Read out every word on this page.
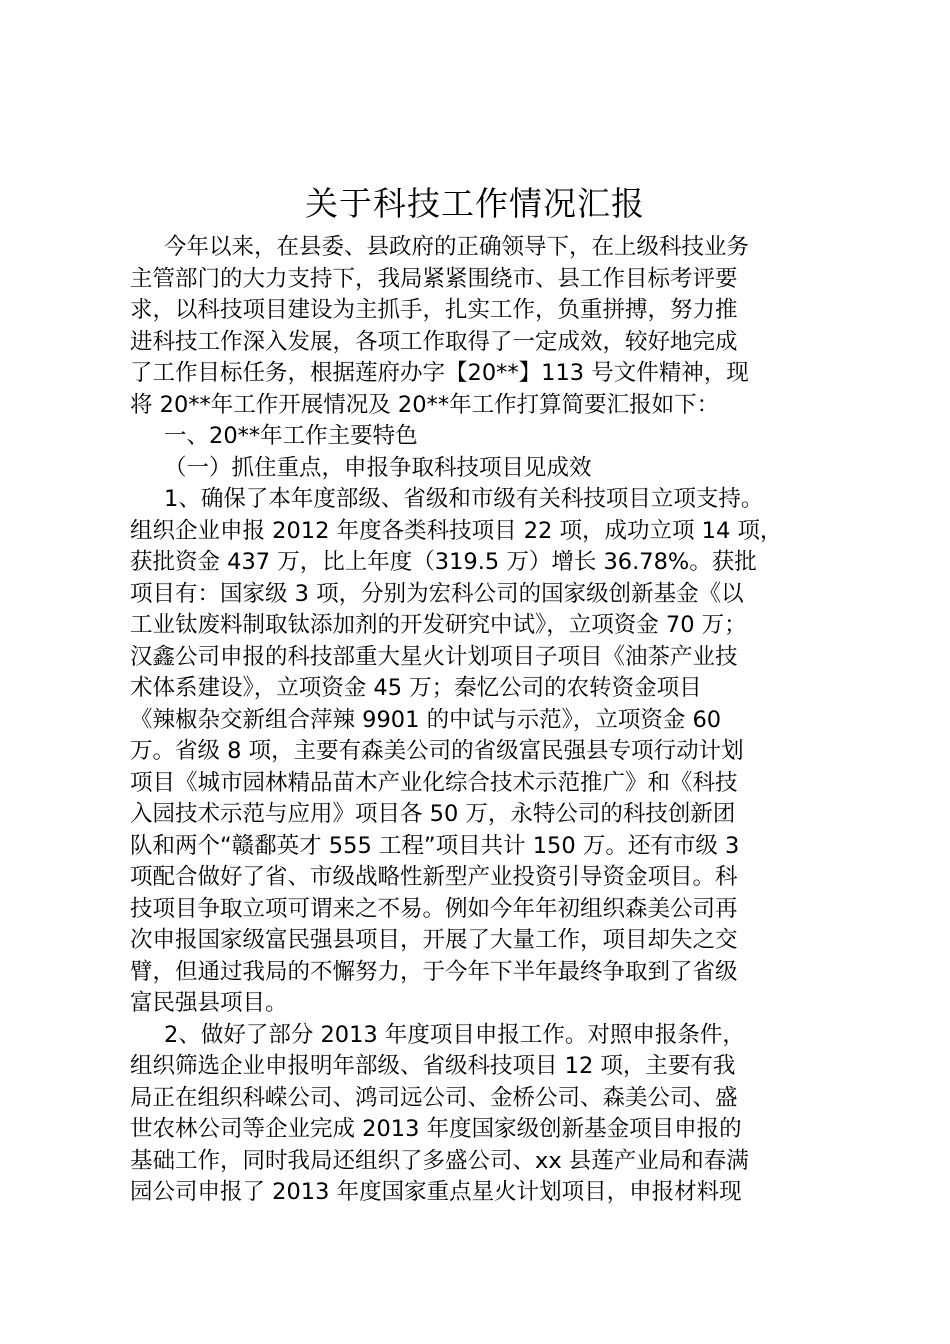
关于科技工作情况汇报
今年以来，在县委、县政府的正确领导下，在上级科技业务
主管部门的大力支持下，我局紧紧围绕市、县工作目标考评要
求，以科技项目建设为主抓手，扎实工作，负重拼搏，努力推
进科技工作深入发展，各项工作取得了一定成效，较好地完成
了工作目标任务，根据莲府办字【20**】113 号文件精神，现
将 20**年工作开展情况及 20**年工作打算简要汇报如下：
一、20**年工作主要特色
（一）抓住重点，申报争取科技项目见成效
1、确保了本年度部级、省级和市级有关科技项目立项支持。
组织企业申报 2012 年度各类科技项目 22 项，成功立项 14 项，
获批资金 437 万，比上年度（319.5 万）增长 36.78%。获批
项目有：国家级 3 项，分别为宏科公司的国家级创新基金《以
工业钛废料制取钛添加剂的开发研究中试》，立项资金 70 万；
汉鑫公司申报的科技部重大星火计划项目子项目《油茶产业技
术体系建设》，立项资金 45 万；秦忆公司的农转资金项目
《辣椒杂交新组合萍辣 9901 的中试与示范》，立项资金 60
万。省级 8 项，主要有森美公司的省级富民强县专项行动计划
项目《城市园林精品苗木产业化综合技术示范推广》和《科技
入园技术示范与应用》项目各 50 万，永特公司的科技创新团
队和两个“赣鄱英才 555 工程”项目共计 150 万。还有市级 3
项配合做好了省、市级战略性新型产业投资引导资金项目。科
技项目争取立项可谓来之不易。例如今年年初组织森美公司再
次申报国家级富民强县项目，开展了大量工作，项目却失之交
臂，但通过我局的不懈努力，于今年下半年最终争取到了省级
富民强县项目。
2、做好了部分 2013 年度项目申报工作。对照申报条件，
组织筛选企业申报明年部级、省级科技项目 12 项，主要有我
局正在组织科嵘公司、鸿司远公司、金桥公司、森美公司、盛
世农林公司等企业完成 2013 年度国家级创新基金项目申报的
基础工作，同时我局还组织了多盛公司、xx 县莲产业局和春满
园公司申报了 2013 年度国家重点星火计划项目，申报材料现
